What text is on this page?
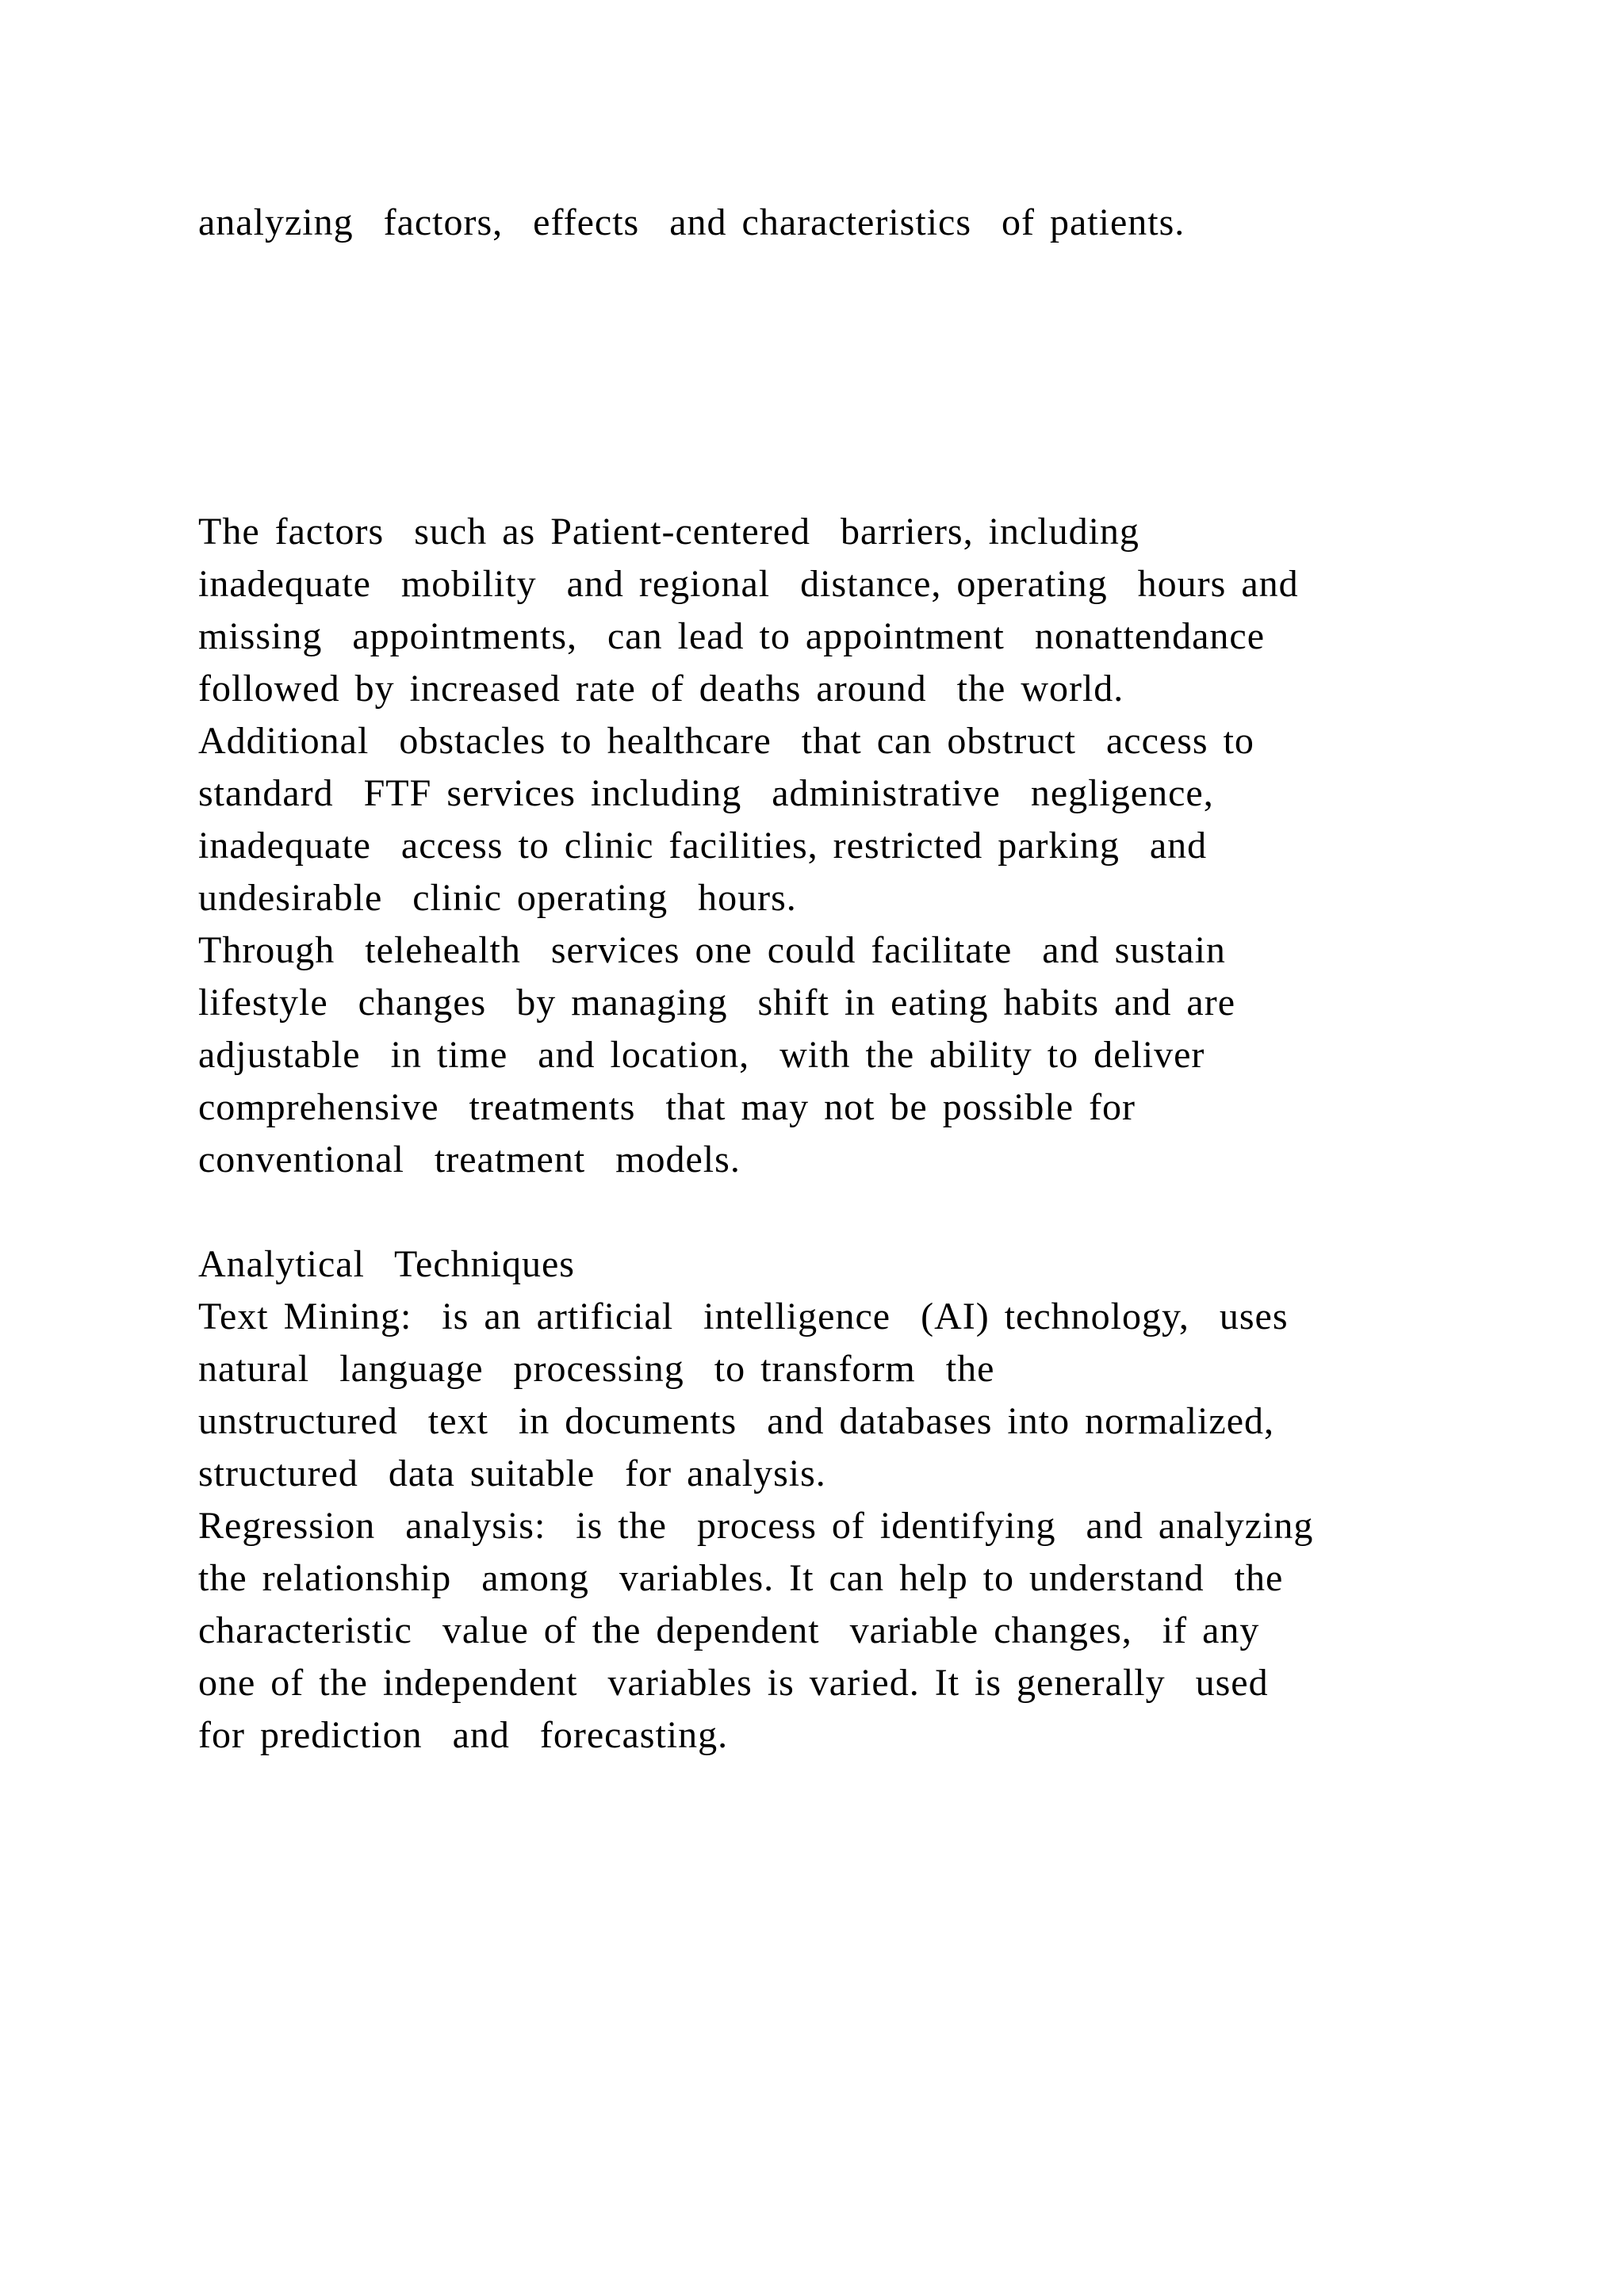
analyzing  factors,  effects  and characteristics  of patients.
The factors  such as Patient-centered  barriers, including
inadequate  mobility  and regional  distance, operating  hours and
missing  appointments,  can lead to appointment  nonattendance
followed by increased rate of deaths around  the world.
Additional  obstacles to healthcare  that can obstruct  access to
standard  FTF services including  administrative  negligence,
inadequate  access to clinic facilities, restricted parking  and
undesirable  clinic operating  hours.
Through  telehealth  services one could facilitate  and sustain
lifestyle  changes  by managing  shift in eating habits and are
adjustable  in time  and location,  with the ability to deliver
comprehensive  treatments  that may not be possible for
conventional  treatment  models.
Analytical  Techniques
Text Mining:  is an artificial  intelligence  (AI) technology,  uses
natural  language  processing  to transform  the
unstructured  text  in documents  and databases into normalized,
structured  data suitable  for analysis.
Regression  analysis:  is the  process of identifying  and analyzing
the relationship  among  variables. It can help to understand  the
characteristic  value of the dependent  variable changes,  if any
one of the independent  variables is varied. It is generally  used
for prediction  and  forecasting.
